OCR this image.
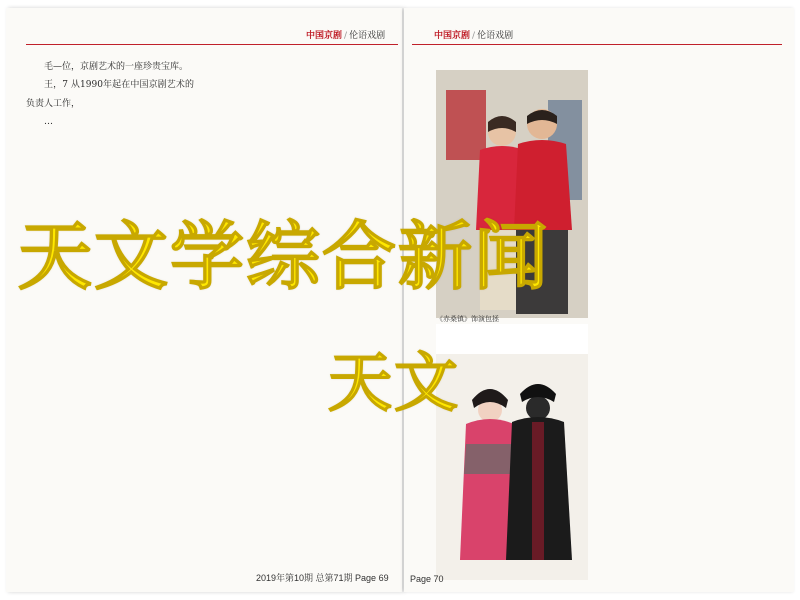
中国京剧 / 伦语戏剧

毛—位，京剧艺术的一座珍贵宝库。

王，7 从1990年起在中国京剧艺术的负责人工作，

…

2019年第10期 总第71期 Page 69
中国京剧 / 伦语戏剧
《赤桑镇》饰演包拯
Page 70
天文学综合新闻
天文
